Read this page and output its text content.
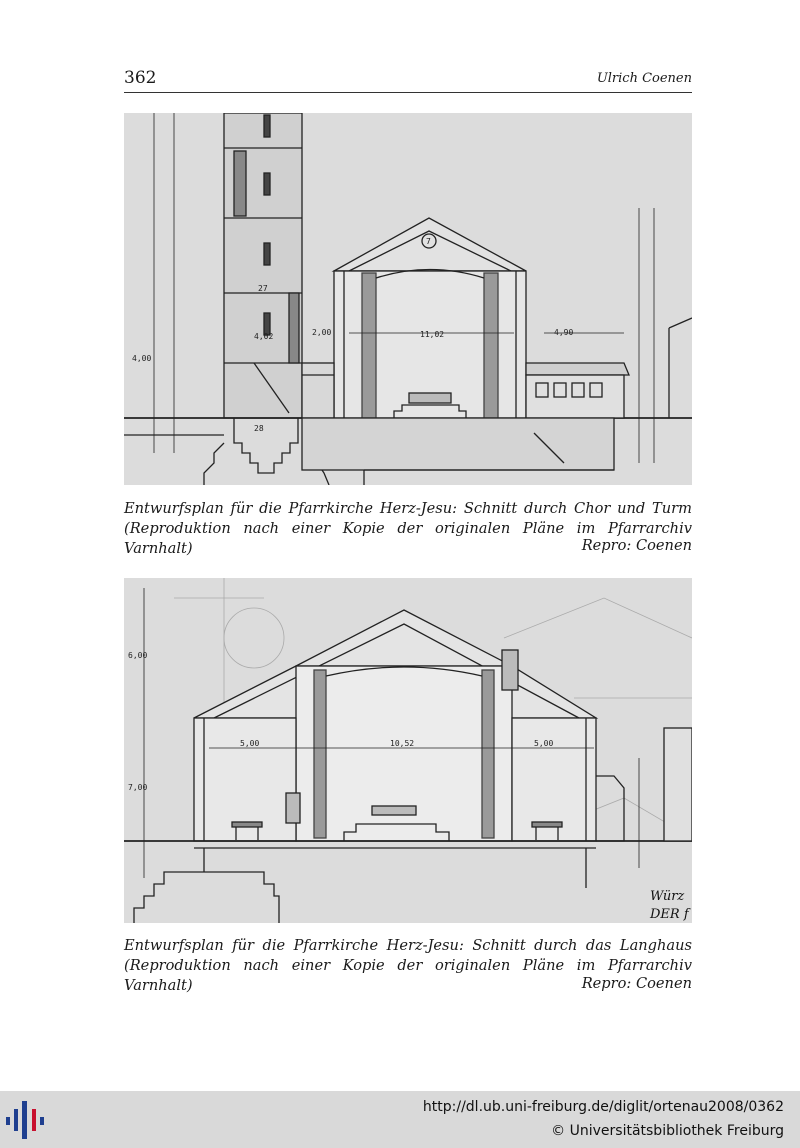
362	Ulrich Coenen
11,02
2,00	4,90
4,02
4,00
27
28
7
Entwurfsplan für die Pfarrkirche Herz-Jesu: Schnitt durch Chor und Turm (Reproduktion nach einer Kopie der originalen Pläne im Pfarrarchiv Varnhalt)	Repro: Coenen
10,52
5,00	5,00
7,00
6,00
Würz
DER f
Entwurfsplan für die Pfarrkirche Herz-Jesu: Schnitt durch das Langhaus (Reproduktion nach einer Kopie der originalen Pläne im Pfarrarchiv Varnhalt)	Repro: Coenen
http://dl.ub.uni-freiburg.de/diglit/ortenau2008/0362
© Universitätsbibliothek Freiburg
